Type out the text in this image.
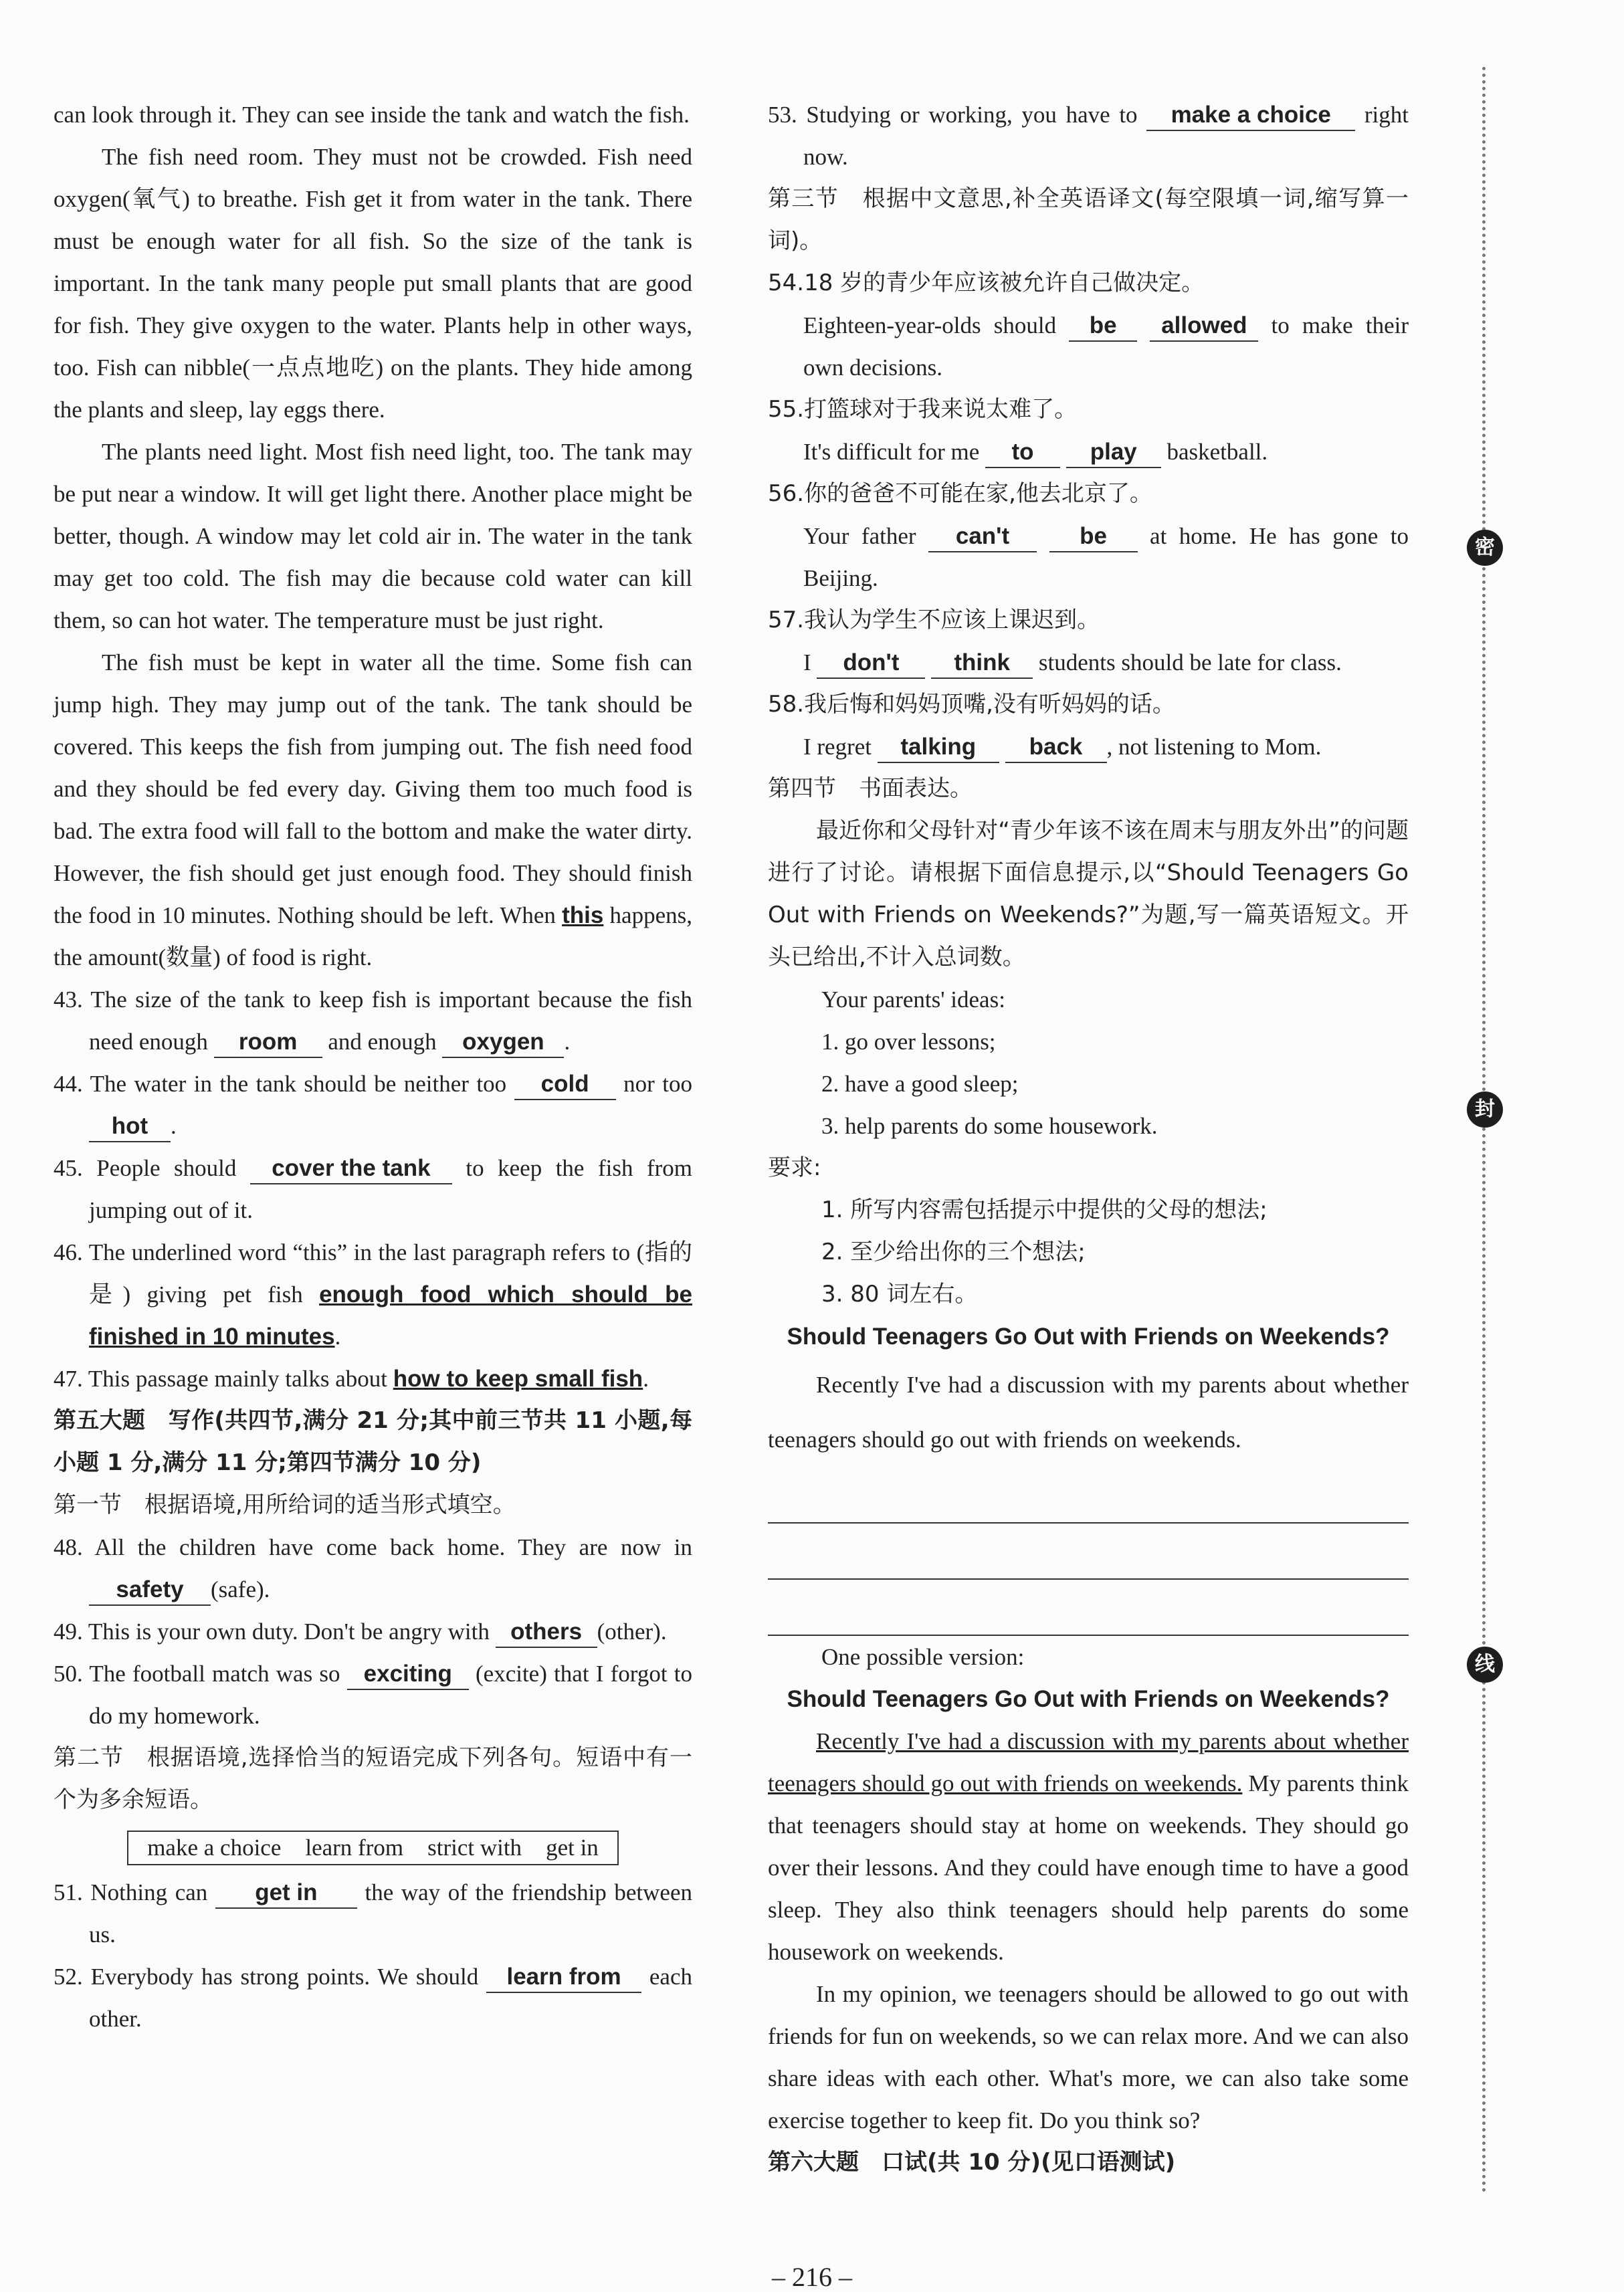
密
封
线

can look through it. They can see inside the tank and watch the fish.

The fish need room. They must not be crowded. Fish need oxygen(氧气) to breathe. Fish get it from water in the tank. There must be enough water for all fish. So the size of the tank is important. In the tank many people put small plants that are good for fish. They give oxygen to the water. Plants help in other ways, too. Fish can nibble(一点点地吃) on the plants. They hide among the plants and sleep, lay eggs there.

The plants need light. Most fish need light, too. The tank may be put near a window. It will get light there. Another place might be better, though. A window may let cold air in. The water in the tank may get too cold. The fish may die because cold water can kill them, so can hot water. The temperature must be just right.

The fish must be kept in water all the time. Some fish can jump high. They may jump out of the tank. The tank should be covered. This keeps the fish from jumping out. The fish need food and they should be fed every day. Giving them too much food is bad. The extra food will fall to the bottom and make the water dirty. However, the fish should get just enough food. They should finish the food in 10 minutes. Nothing should be left. When this happens, the amount(数量) of food is right.

43. The size of the tank to keep fish is important because the fish need enough room and enough oxygen .

44. The water in the tank should be neither too cold nor too hot .

45. People should cover the tank to keep the fish from jumping out of it.

46. The underlined word “this” in the last paragraph refers to (指的是) giving pet fish enough food which should be finished in 10 minutes.

47. This passage mainly talks about how to keep small fish.

第五大题　写作(共四节,满分 21 分;其中前三节共 11 小题,每小题 1 分,满分 11 分;第四节满分 10 分)

第一节　根据语境,用所给词的适当形式填空。

48. All the children have come back home. They are now in safety (safe).

49. This is your own duty. Don't be angry with others (other).

50. The football match was so exciting (excite) that I forgot to do my homework.

第二节　根据语境,选择恰当的短语完成下列各句。短语中有一个为多余短语。

make a choice learn from strict with get in

51. Nothing can get in the way of the friendship between us.

52. Everybody has strong points. We should learn from each other.

53. Studying or working, you have to make a choice right now.

第三节　根据中文意思,补全英语译文(每空限填一词,缩写算一词)。

54.18 岁的青少年应该被允许自己做决定。

Eighteen-year-olds should be allowed to make their own decisions.

55.打篮球对于我来说太难了。

It's difficult for me to play basketball.

56.你的爸爸不可能在家,他去北京了。

Your father can't	be at home. He has gone to Beijing.

57.我认为学生不应该上课迟到。

I don't think students should be late for class.

58.我后悔和妈妈顶嘴,没有听妈妈的话。

I regret talking back , not listening to Mom.

第四节　书面表达。

最近你和父母针对“青少年该不该在周末与朋友外出”的问题进行了讨论。请根据下面信息提示,以“Should Teenagers Go Out with Friends on Weekends?”为题,写一篇英语短文。开头已给出,不计入总词数。

Your parents' ideas:

1. go over lessons;

2. have a good sleep;

3. help parents do some housework.

要求:

1. 所写内容需包括提示中提供的父母的想法;

2. 至少给出你的三个想法;

3. 80 词左右。

Should Teenagers Go Out with Friends on Weekends?

Recently I've had a discussion with my parents about whether teenagers should go out with friends on weekends.

One possible version:

Should Teenagers Go Out with Friends on Weekends?

Recently I've had a discussion with my parents about whether teenagers should go out with friends on weekends. My parents think that teenagers should stay at home on weekends. They should go over their lessons. And they could have enough time to have a good sleep. They also think teenagers should help parents do some housework on weekends.

In my opinion, we teenagers should be allowed to go out with friends for fun on weekends, so we can relax more. And we can also share ideas with each other. What's more, we can also take some exercise together to keep fit. Do you think so?

第六大题　口试(共 10 分)(见口语测试)

– 216 –
